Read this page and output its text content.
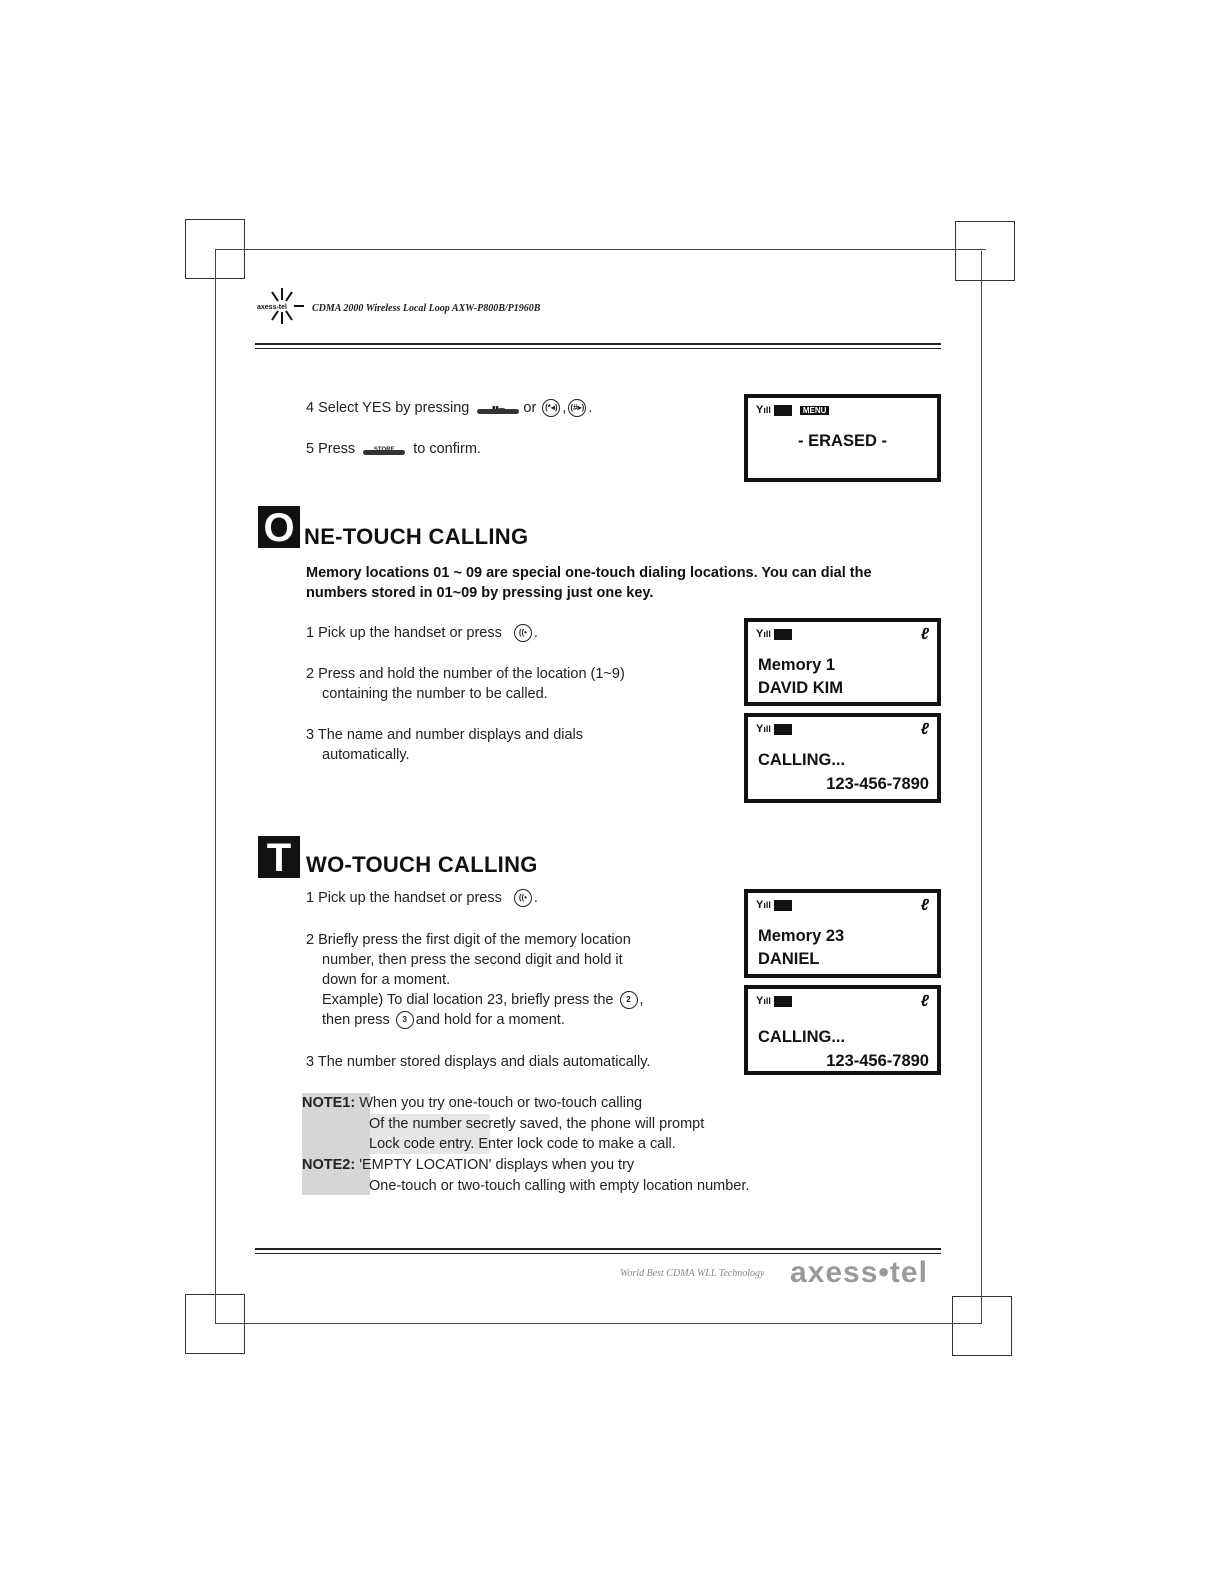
axess-tel	CDMA 2000 Wireless Local Loop AXW-P800B/P1960B
4 Select YES by pressing	or (*◂) , (#▸) .
5 Press	to confirm.
Yıll	MENU
- ERASED -
O NE-TOUCH CALLING
Memory locations 01 ~ 09 are special one-touch dialing locations. You can dial the numbers stored in 01~09 by pressing just one key.
1 Pick up the handset or press ((• .
2 Press and hold the number of the location (1~9)
containing the number to be called.
3 The name and number displays and dials
automatically.
Yıll	ℓ
Memory 1
DAVID KIM
Yıll	ℓ
CALLING...
123-456-7890
T WO-TOUCH CALLING
1 Pick up the handset or press ((• .
2 Briefly press the first digit of the memory location
number, then press the second digit and hold it
down for a moment.
Example) To dial location 23, briefly press the 2 ,
then press 3 and hold for a moment.
3 The number stored displays and dials automatically.
Yıll	ℓ
Memory 23
DANIEL
Yıll	ℓ
CALLING...
123-456-7890
NOTE1: When you try one-touch or two-touch calling
Of the number secretly saved, the phone will prompt
Lock code entry. Enter lock code to make a call.
NOTE2: 'EMPTY LOCATION' displays when you try
One-touch or two-touch calling with empty location number.
World Best CDMA WLL Technology axess•tel
